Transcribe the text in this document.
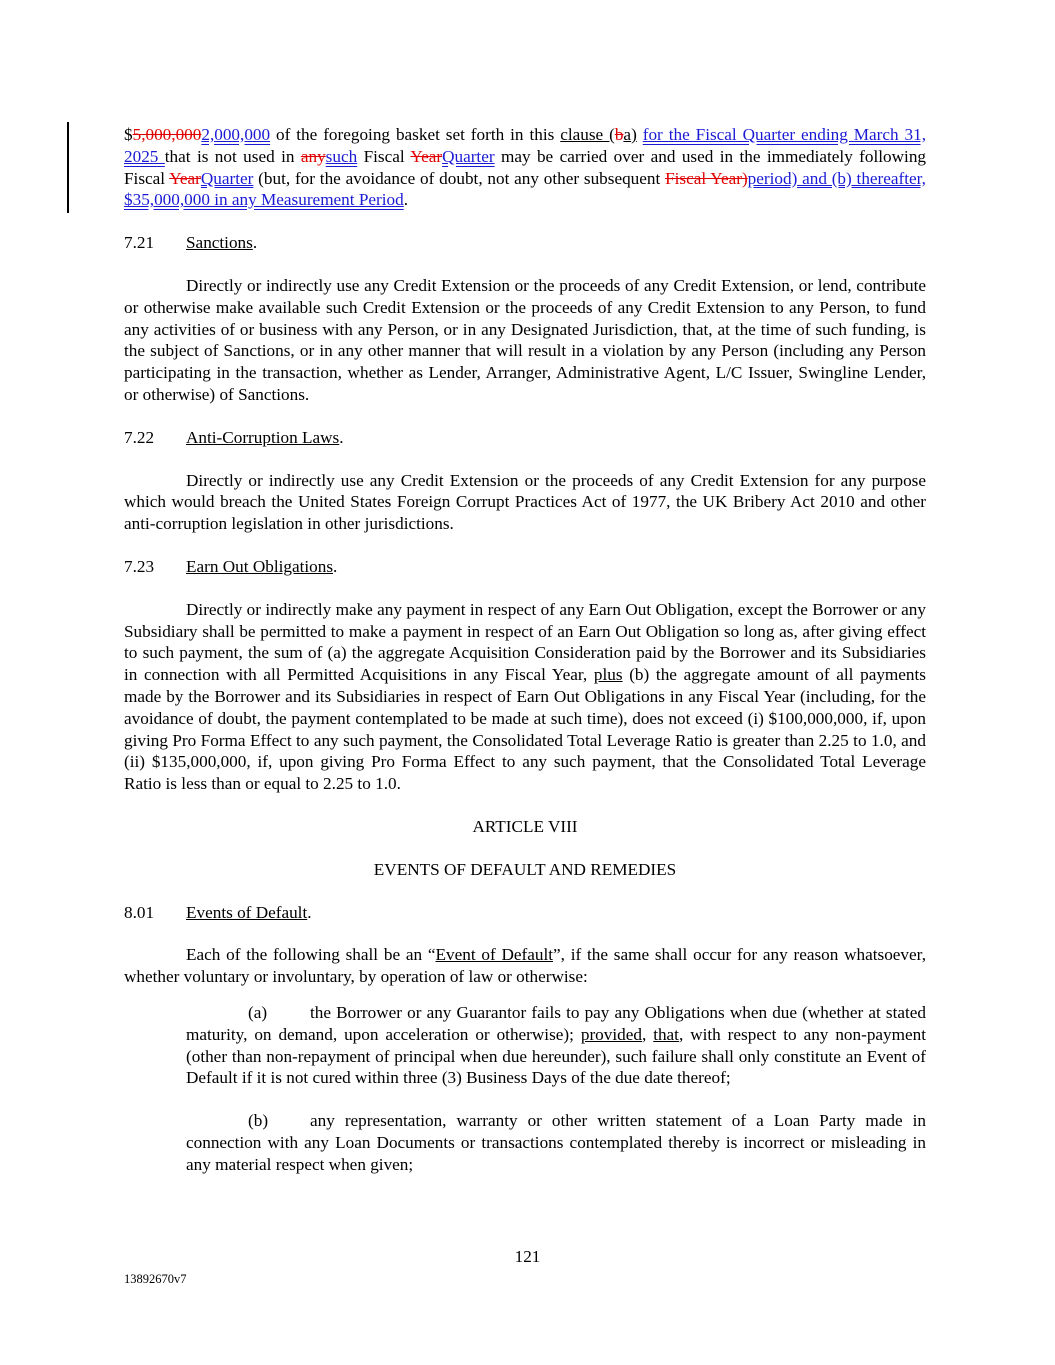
$5,000,0002,000,000 of the foregoing basket set forth in this clause (ba) for the Fiscal Quarter ending March 31, 2025 that is not used in anysuch Fiscal YearQuarter may be carried over and used in the immediately following Fiscal YearQuarter (but, for the avoidance of doubt, not any other subsequent Fiscal Year)period) and (b) thereafter, $35,000,000 in any Measurement Period.

7.21 Sanctions.

Directly or indirectly use any Credit Extension or the proceeds of any Credit Extension, or lend, contribute or otherwise make available such Credit Extension or the proceeds of any Credit Extension to any Person, to fund any activities of or business with any Person, or in any Designated Jurisdiction, that, at the time of such funding, is the subject of Sanctions, or in any other manner that will result in a violation by any Person (including any Person participating in the transaction, whether as Lender, Arranger, Administrative Agent, L/C Issuer, Swingline Lender, or otherwise) of Sanctions.

7.22 Anti-Corruption Laws.

Directly or indirectly use any Credit Extension or the proceeds of any Credit Extension for any purpose which would breach the United States Foreign Corrupt Practices Act of 1977, the UK Bribery Act 2010 and other anti-corruption legislation in other jurisdictions.

7.23 Earn Out Obligations.

Directly or indirectly make any payment in respect of any Earn Out Obligation, except the Borrower or any Subsidiary shall be permitted to make a payment in respect of an Earn Out Obligation so long as, after giving effect to such payment, the sum of (a) the aggregate Acquisition Consideration paid by the Borrower and its Subsidiaries in connection with all Permitted Acquisitions in any Fiscal Year, plus (b) the aggregate amount of all payments made by the Borrower and its Subsidiaries in respect of Earn Out Obligations in any Fiscal Year (including, for the avoidance of doubt, the payment contemplated to be made at such time), does not exceed (i) $100,000,000, if, upon giving Pro Forma Effect to any such payment, the Consolidated Total Leverage Ratio is greater than 2.25 to 1.0, and (ii) $135,000,000, if, upon giving Pro Forma Effect to any such payment, that the Consolidated Total Leverage Ratio is less than or equal to 2.25 to 1.0.

ARTICLE VIII

EVENTS OF DEFAULT AND REMEDIES

8.01 Events of Default.

Each of the following shall be an “Event of Default”, if the same shall occur for any reason whatsoever, whether voluntary or involuntary, by operation of law or otherwise:

(a) the Borrower or any Guarantor fails to pay any Obligations when due (whether at stated maturity, on demand, upon acceleration or otherwise); provided, that, with respect to any non-payment (other than non-repayment of principal when due hereunder), such failure shall only constitute an Event of Default if it is not cured within three (3) Business Days of the due date thereof;

(b) any representation, warranty or other written statement of a Loan Party made in connection with any Loan Documents or transactions contemplated thereby is incorrect or misleading in any material respect when given;

121
13892670v7
